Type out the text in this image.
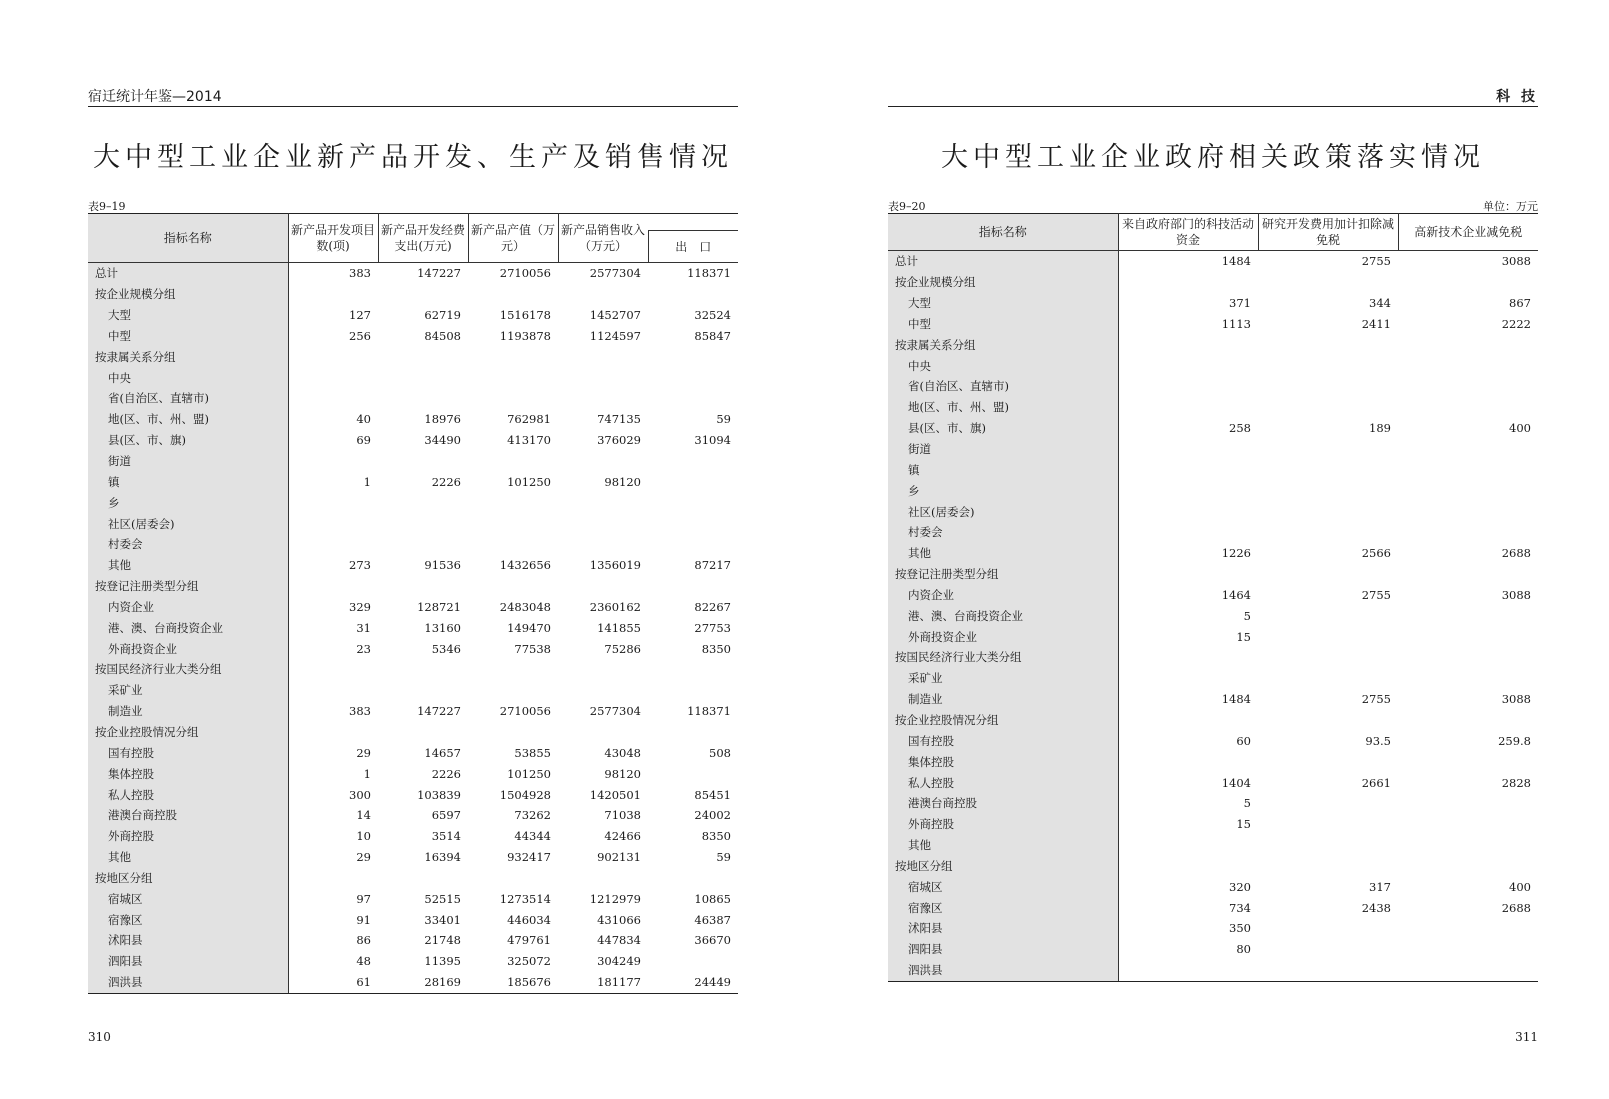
宿迁统计年鉴—2014
大中型工业企业新产品开发、生产及销售情况
表9–19
指标名称	新产品开发项目数(项)	新产品开发经费支出(万元)	新产品产值（万元）	新产品销售收入（万元）	
					出　口
总计	383	147227	2710056	2577304	118371
按企业规模分组					
大型	127	62719	1516178	1452707	32524
中型	256	84508	1193878	1124597	85847
按隶属关系分组					
中央					
省(自治区、直辖市)					
地(区、市、州、盟)	40	18976	762981	747135	59
县(区、市、旗)	69	34490	413170	376029	31094
街道					
镇	1	2226	101250	98120	
乡					
社区(居委会)					
村委会					
其他	273	91536	1432656	1356019	87217
按登记注册类型分组					
内资企业	329	128721	2483048	2360162	82267
港、澳、台商投资企业	31	13160	149470	141855	27753
外商投资企业	23	5346	77538	75286	8350
按国民经济行业大类分组					
采矿业					
制造业	383	147227	2710056	2577304	118371
按企业控股情况分组					
国有控股	29	14657	53855	43048	508
集体控股	1	2226	101250	98120	
私人控股	300	103839	1504928	1420501	85451
港澳台商控股	14	6597	73262	71038	24002
外商控股	10	3514	44344	42466	8350
其他	29	16394	932417	902131	59
按地区分组					
宿城区	97	52515	1273514	1212979	10865
宿豫区	91	33401	446034	431066	46387
沭阳县	86	21748	479761	447834	36670
泗阳县	48	11395	325072	304249	
泗洪县	61	28169	185676	181177	24449
310
科 技
大中型工业企业政府相关政策落实情况
表9–20	单位：万元
指标名称	来自政府部门的科技活动资金	研究开发费用加计扣除减免税	高新技术企业减免税
总计	1484	2755	3088
按企业规模分组			
大型	371	344	867
中型	1113	2411	2222
按隶属关系分组			
中央			
省(自治区、直辖市)			
地(区、市、州、盟)			
县(区、市、旗)	258	189	400
街道			
镇			
乡			
社区(居委会)			
村委会			
其他	1226	2566	2688
按登记注册类型分组			
内资企业	1464	2755	3088
港、澳、台商投资企业	5		
外商投资企业	15		
按国民经济行业大类分组			
采矿业			
制造业	1484	2755	3088
按企业控股情况分组			
国有控股	60	93.5	259.8
集体控股			
私人控股	1404	2661	2828
港澳台商控股	5		
外商控股	15		
其他			
按地区分组			
宿城区	320	317	400
宿豫区	734	2438	2688
沭阳县	350		
泗阳县	80		
泗洪县			
311
